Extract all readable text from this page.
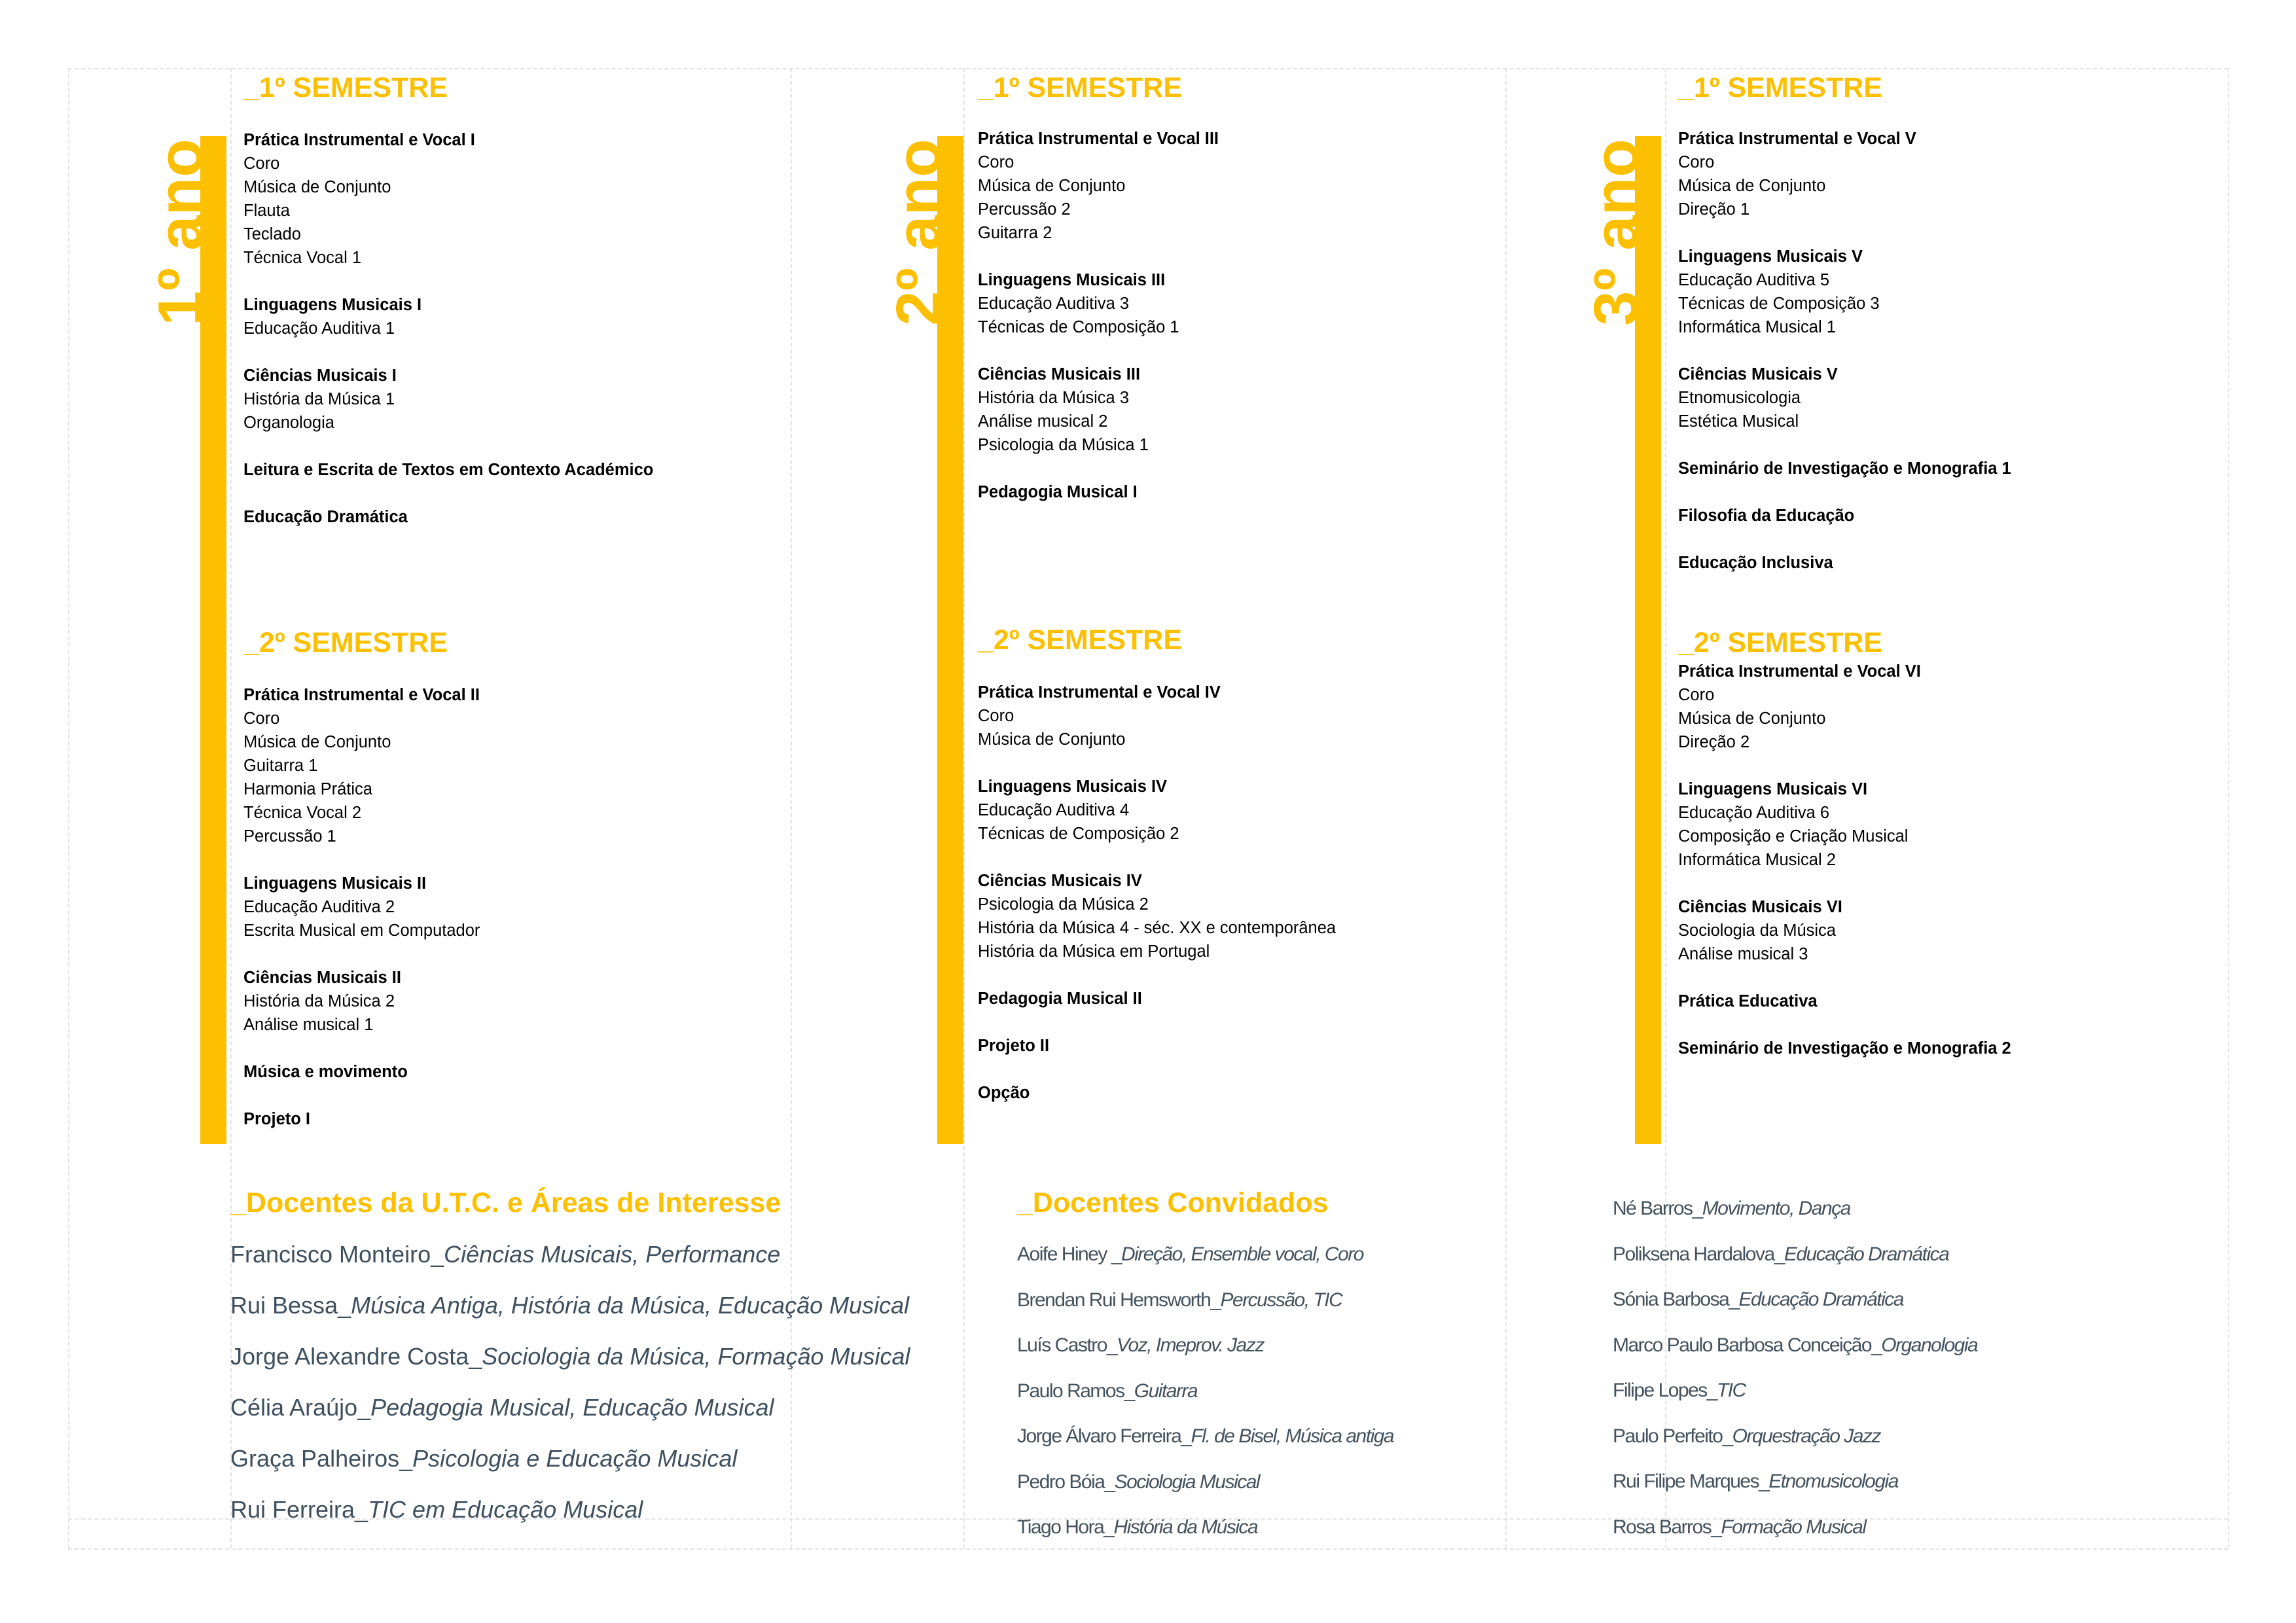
1º ano	2º ano	3º ano
_1º SEMESTRE
Prática Instrumental e Vocal I
Coro
Música de Conjunto
Flauta
Teclado
Técnica Vocal 1
Linguagens Musicais I
Educação Auditiva 1
Ciências Musicais I
História da Música 1
Organologia
Leitura e Escrita de Textos em Contexto Académico
Educação Dramática
_2º SEMESTRE
Prática Instrumental e Vocal II
Coro
Música de Conjunto
Guitarra 1
Harmonia Prática
Técnica Vocal 2
Percussão 1
Linguagens Musicais II
Educação Auditiva 2
Escrita Musical em Computador
Ciências Musicais II
História da Música 2
Análise musical 1
Música e movimento
Projeto I
_1º SEMESTRE
Prática Instrumental e Vocal III
Coro
Música de Conjunto
Percussão 2
Guitarra 2
Linguagens Musicais III
Educação Auditiva 3
Técnicas de Composição 1
Ciências Musicais III
História da Música 3
Análise musical 2
Psicologia da Música 1
Pedagogia Musical I
_2º SEMESTRE
Prática Instrumental e Vocal IV
Coro
Música de Conjunto
Linguagens Musicais IV
Educação Auditiva 4
Técnicas de Composição 2
Ciências Musicais IV
Psicologia da Música 2
História da Música 4 - séc. XX e contemporânea
História da Música em Portugal
Pedagogia Musical II
Projeto II
Opção
_1º SEMESTRE
Prática Instrumental e Vocal V
Coro
Música de Conjunto
Direção 1
Linguagens Musicais V
Educação Auditiva 5
Técnicas de Composição 3
Informática Musical 1
Ciências Musicais V
Etnomusicologia
Estética Musical
Seminário de Investigação e Monografia 1
Filosofia da Educação
Educação Inclusiva
_2º SEMESTRE
Prática Instrumental e Vocal VI
Coro
Música de Conjunto
Direção 2
Linguagens Musicais VI
Educação Auditiva 6
Composição e Criação Musical
Informática Musical 2
Ciências Musicais VI
Sociologia da Música
Análise musical 3
Prática Educativa
Seminário de Investigação e Monografia 2
_Docentes da U.T.C. e Áreas de Interesse
Francisco Monteiro_Ciências Musicais, Performance
Rui Bessa_Música Antiga, História da Música, Educação Musical
Jorge Alexandre Costa_Sociologia da Música, Formação Musical
Célia Araújo_Pedagogia Musical, Educação Musical
Graça Palheiros_Psicologia e Educação Musical
Rui Ferreira_TIC em Educação Musical
_Docentes Convidados
Aoife Hiney _Direção, Ensemble vocal, Coro
Brendan Rui Hemsworth_Percussão, TIC
Luís Castro_Voz, Imeprov. Jazz
Paulo Ramos_Guitarra
Jorge Álvaro Ferreira_Fl. de Bisel, Música antiga
Pedro Bóia_Sociologia Musical
Tiago Hora_História da Música
Né Barros_Movimento, Dança
Poliksena Hardalova_Educação Dramática
Sónia Barbosa_Educação Dramática
Marco Paulo Barbosa Conceição_Organologia
Filipe Lopes_TIC
Paulo Perfeito_Orquestração Jazz
Rui Filipe Marques_Etnomusicologia
Rosa Barros_Formação Musical
